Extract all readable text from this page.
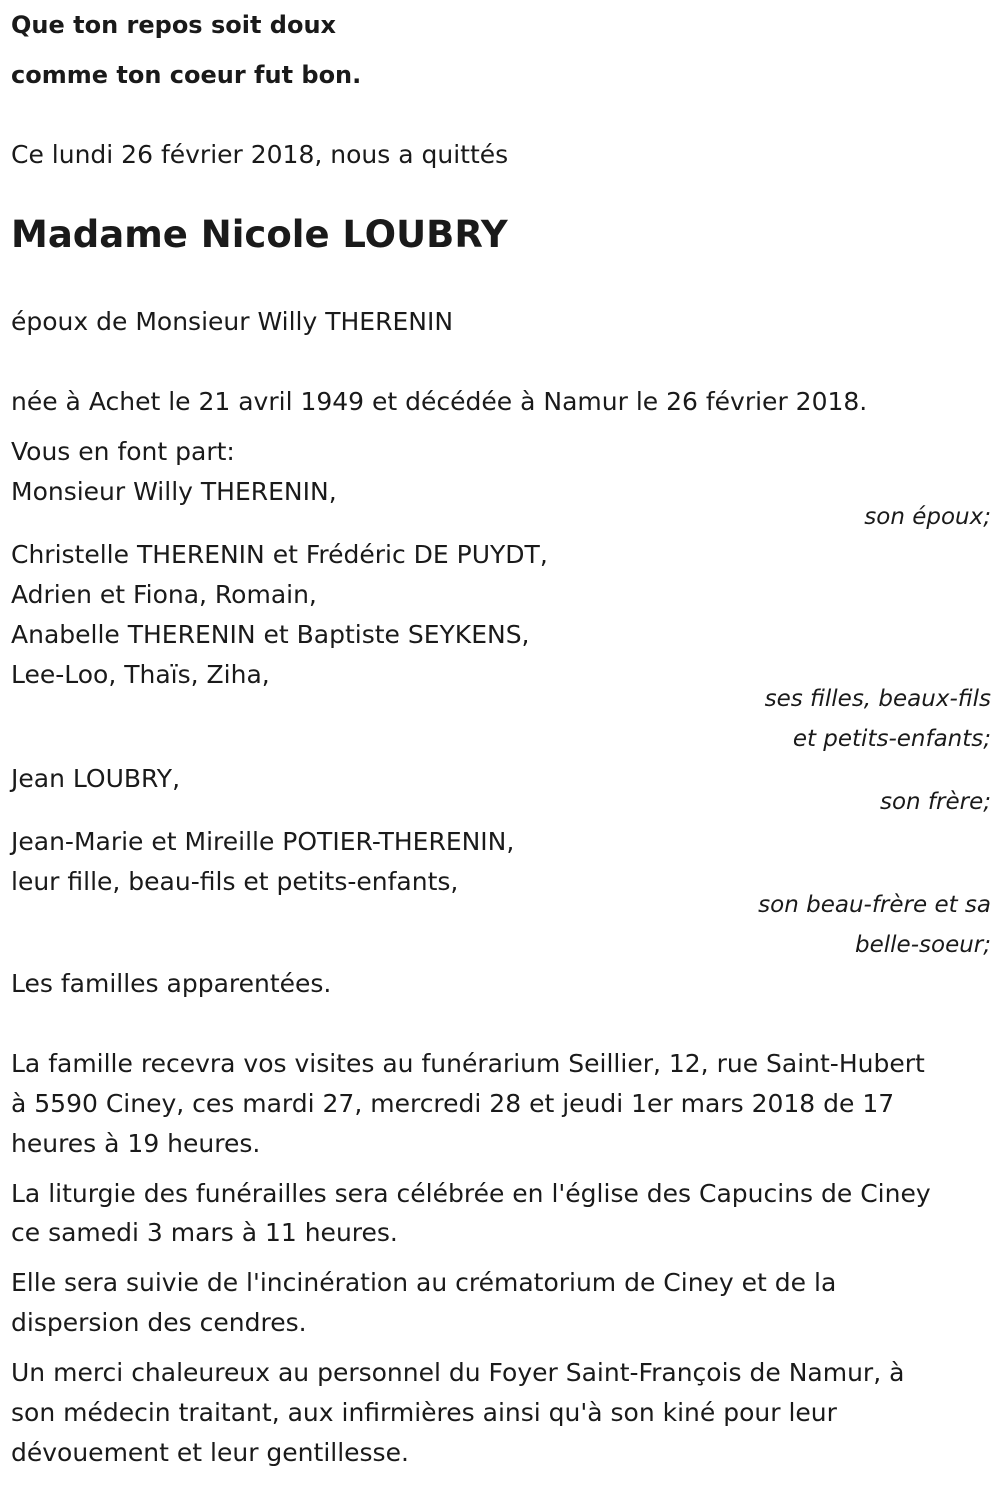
Que ton repos soit doux
comme ton coeur fut bon.
Ce lundi 26 février 2018, nous a quittés
Madame Nicole LOUBRY
époux de Monsieur Willy THERENIN
née à Achet le 21 avril 1949 et décédée à Namur le 26 février 2018.
Vous en font part:
Monsieur Willy THERENIN,
son époux;
Christelle THERENIN et Frédéric DE PUYDT,
Adrien et Fiona, Romain,
Anabelle THERENIN et Baptiste SEYKENS,
Lee-Loo, Thaïs, Ziha,
ses filles, beaux-fils
et petits-enfants;
Jean LOUBRY,
son frère;
Jean-Marie et Mireille POTIER-THERENIN,
leur fille, beau-fils et petits-enfants,
son beau-frère et sa
belle-soeur;
Les familles apparentées.
La famille recevra vos visites au funérarium Seillier, 12, rue Saint-Hubert
à 5590 Ciney, ces mardi 27, mercredi 28 et jeudi 1er mars 2018 de 17
heures à 19 heures.
La liturgie des funérailles sera célébrée en l'église des Capucins de Ciney
ce samedi 3 mars à 11 heures.
Elle sera suivie de l'incinération au crématorium de Ciney et de la
dispersion des cendres.
Un merci chaleureux au personnel du Foyer Saint-François de Namur, à
son médecin traitant, aux infirmières ainsi qu'à son kiné pour leur
dévouement et leur gentillesse.
